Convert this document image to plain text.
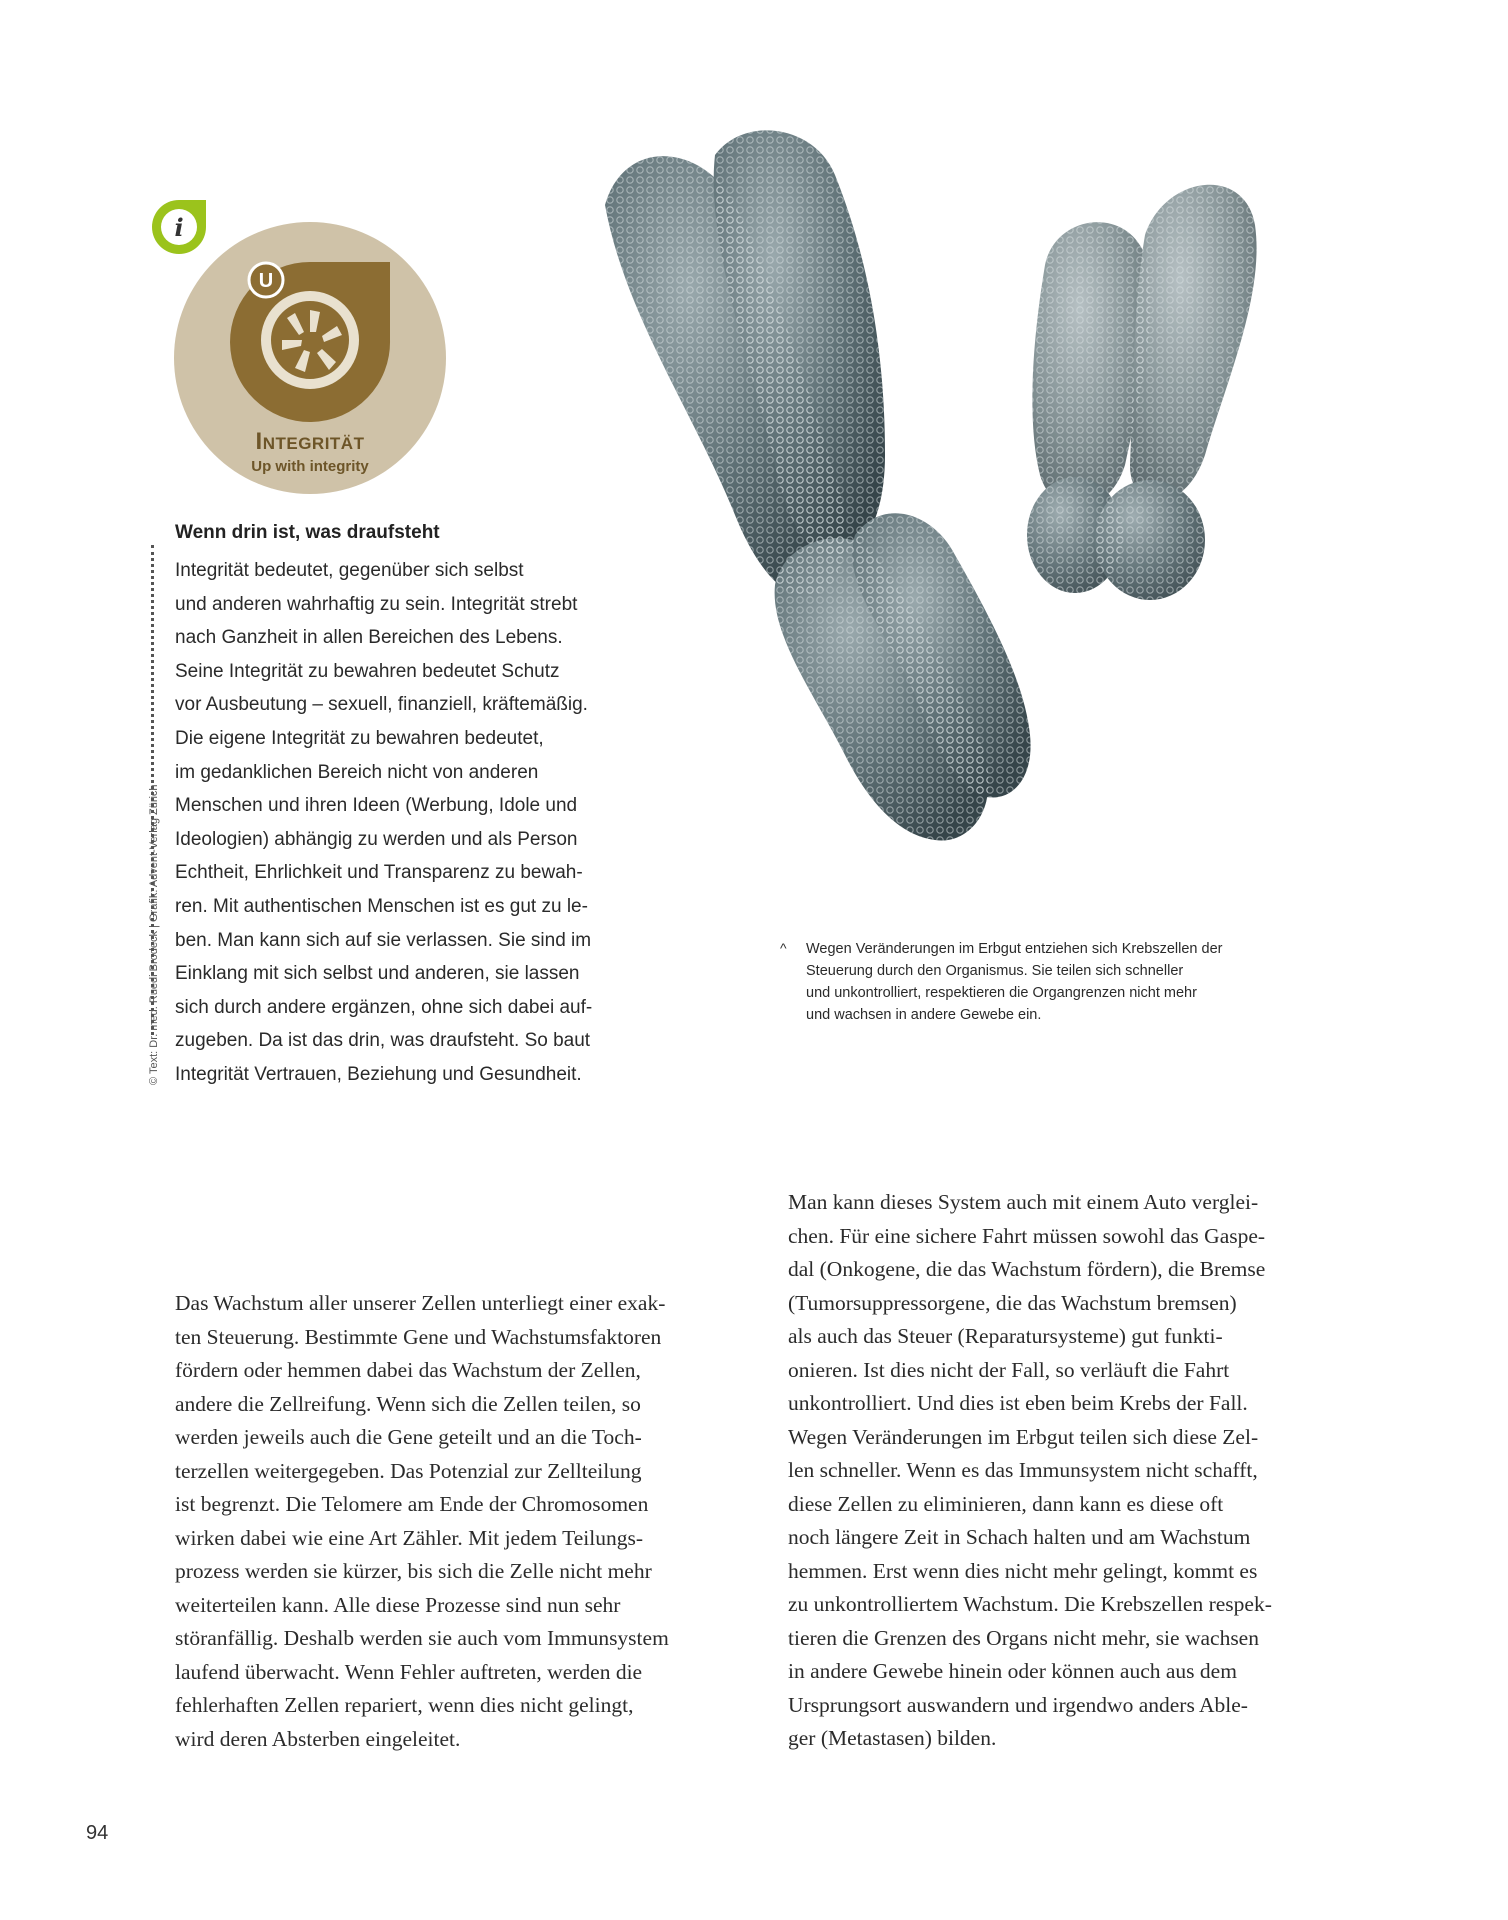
i
U
Integrität
Up with integrity
© Text: Dr. med. Ruedi Brodeck | Grafik: Advent-Verlag Zürich
Wenn drin ist, was draufsteht
Integrität bedeutet, gegenüber sich selbst
und anderen wahrhaftig zu sein. Integrität strebt
nach Ganzheit in allen Bereichen des Lebens.
Seine Integrität zu bewahren bedeutet Schutz
vor Ausbeutung – sexuell, finanziell, kräftemäßig.
Die eigene Integrität zu bewahren bedeutet,
im gedanklichen Bereich nicht von anderen
Menschen und ihren Ideen (Werbung, Idole und
Ideologien) abhängig zu werden und als Person
Echtheit, Ehrlichkeit und Transparenz zu bewah-
ren. Mit authentischen Menschen ist es gut zu le-
ben. Man kann sich auf sie verlassen. Sie sind im
Einklang mit sich selbst und anderen, sie lassen
sich durch andere ergänzen, ohne sich dabei auf-
zugeben. Da ist das drin, was draufsteht. So baut
Integrität Vertrauen, Beziehung und Gesundheit.
^ Wegen Veränderungen im Erbgut entziehen sich Krebszellen der
Steuerung durch den Organismus. Sie teilen sich schneller
und unkontrolliert, respektieren die Organgrenzen nicht mehr
und wachsen in andere Gewebe ein.
Das Wachstum aller unserer Zellen unterliegt einer exak-
ten Steuerung. Bestimmte Gene und Wachstumsfaktoren
fördern oder hemmen dabei das Wachstum der Zellen,
andere die Zellreifung. Wenn sich die Zellen teilen, so
werden jeweils auch die Gene geteilt und an die Toch-
terzellen weitergegeben. Das Potenzial zur Zellteilung
ist begrenzt. Die Telomere am Ende der Chromosomen
wirken dabei wie eine Art Zähler. Mit jedem Teilungs-
prozess werden sie kürzer, bis sich die Zelle nicht mehr
weiterteilen kann. Alle diese Prozesse sind nun sehr
störanfällig. Deshalb werden sie auch vom Immunsystem
laufend überwacht. Wenn Fehler auftreten, werden die
fehlerhaften Zellen repariert, wenn dies nicht gelingt,
wird deren Absterben eingeleitet.
Man kann dieses System auch mit einem Auto verglei-
chen. Für eine sichere Fahrt müssen sowohl das Gaspe-
dal (Onkogene, die das Wachstum fördern), die Bremse
(Tumorsuppressorgene, die das Wachstum bremsen)
als auch das Steuer (Reparatursysteme) gut funkti-
onieren. Ist dies nicht der Fall, so verläuft die Fahrt
unkontrolliert. Und dies ist eben beim Krebs der Fall.
Wegen Veränderungen im Erbgut teilen sich diese Zel-
len schneller. Wenn es das Immunsystem nicht schafft,
diese Zellen zu eliminieren, dann kann es diese oft
noch längere Zeit in Schach halten und am Wachstum
hemmen. Erst wenn dies nicht mehr gelingt, kommt es
zu unkontrolliertem Wachstum. Die Krebszellen respek-
tieren die Grenzen des Organs nicht mehr, sie wachsen
in andere Gewebe hinein oder können auch aus dem
Ursprungsort auswandern und irgendwo anders Able-
ger (Metastasen) bilden.
94
